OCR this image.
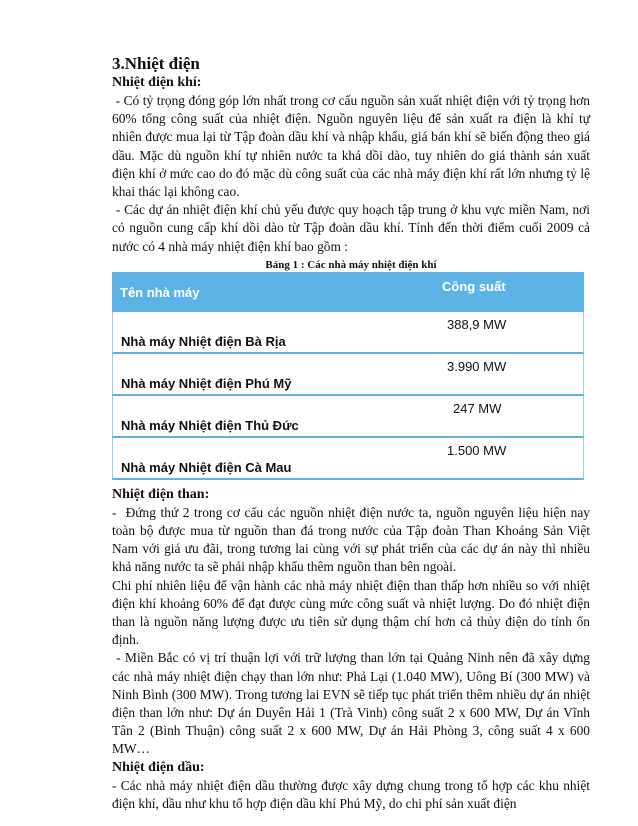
3.Nhiệt điện
Nhiệt điện khí:

- Có tỷ trọng đóng góp lớn nhất trong cơ cấu nguồn sản xuất nhiệt điện với tỷ trọng hơn 60% tổng công suất của nhiệt điện. Nguồn nguyên liệu để sản xuất ra điện là khí tự nhiên được mua lại từ Tập đoàn dầu khí và nhập khẩu, giá bán khí sẽ biến động theo giá dầu. Mặc dù nguồn khí tự nhiên nước ta khá dồi dào, tuy nhiên do giá thành sản xuất điện khí ở mức cao do đó mặc dù công suất của các nhà máy điện khí rất lớn nhưng tỷ lệ khai thác lại không cao.

- Các dự án nhiệt điện khí chủ yếu được quy hoạch tập trung ở khu vực miền Nam, nơi có nguồn cung cấp khí dồi dào từ Tập đoàn dầu khí. Tính đến thời điểm cuối 2009 cả nước có 4 nhà máy nhiệt điện khí bao gồm :

Bảng 1 : Các nhà máy nhiệt điện khí
Tên nhà máy	Công suất
Nhà máy Nhiệt điện Bà Rịa
388,9 MW
Nhà máy Nhiệt điện Phú Mỹ
3.990 MW
Nhà máy Nhiệt điện Thủ Đức
247 MW
Nhà máy Nhiệt điện Cà Mau
1.500 MW
Nhiệt điện than:

-  Đứng thứ 2 trong cơ cấu các nguồn nhiệt điện nước ta, nguồn nguyên liệu hiện nay toàn bộ được mua từ nguồn than đá trong nước của Tập đoàn Than Khoáng Sản Việt Nam với giá ưu đãi, trong tương lai cùng với sự phát triển của các dự án này thì nhiều khả năng nước ta sẽ phải nhập khẩu thêm nguồn than bên ngoài.

Chi phí nhiên liệu để vận hành các nhà máy nhiệt điện than thấp hơn nhiều so với nhiệt điện khí khoảng 60% để đạt được cùng mức công suất và nhiệt lượng. Do đó nhiệt điện than là nguồn năng lượng được ưu tiên sử dụng thậm chí hơn cả thủy điện do tính ổn định.

- Miền Bắc có vị trí thuận lợi với trữ lượng than lớn tại Quảng Ninh nên đã xây dựng các nhà máy nhiệt điện chạy than lớn như: Phả Lại (1.040 MW), Uông Bí (300 MW) và Ninh Bình (300 MW). Trong tương lai EVN sẽ tiếp tục phát triển thêm nhiều dự án nhiệt điện than lớn như: Dự án Duyên Hải 1 (Trà Vinh) công suất 2 x 600 MW, Dự án Vĩnh Tân 2 (Bình Thuận) công suất 2 x 600 MW, Dự án Hải Phòng 3, công suất 4 x 600 MW…

Nhiệt điện dầu:

- Các nhà máy nhiệt điện dầu thường được xây dựng chung trong tổ hợp các khu nhiệt điện khí, dầu như khu tổ hợp điện dầu khí Phú Mỹ, do chi phí sản xuất điện
